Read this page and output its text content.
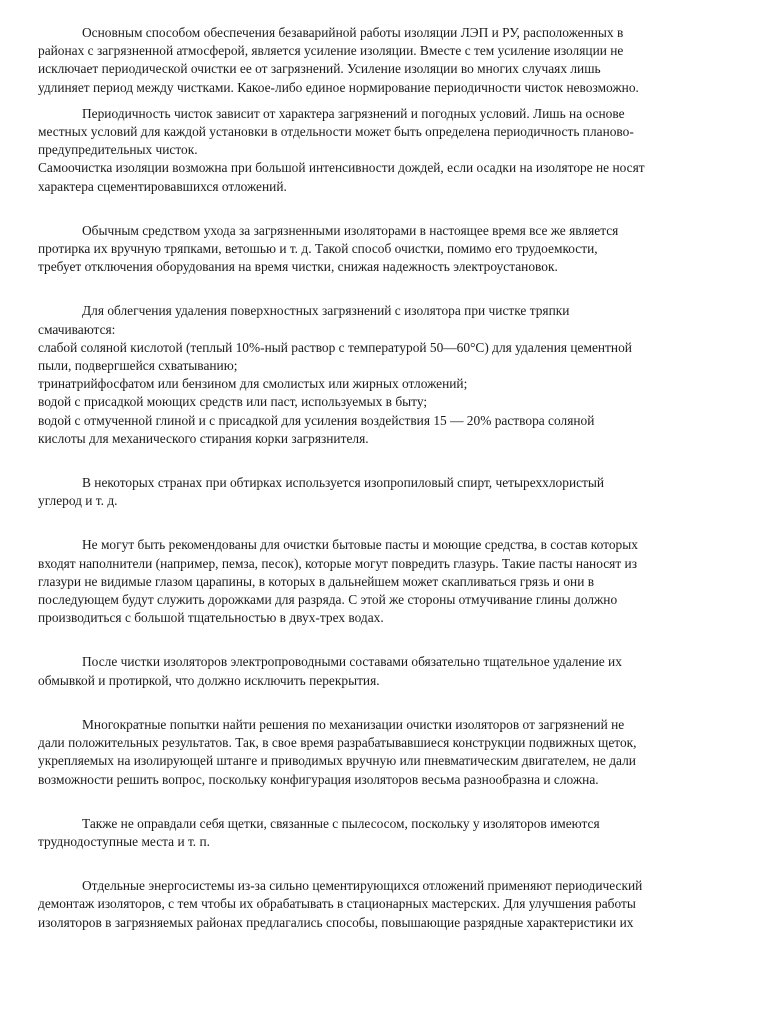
Основным способом обеспечения безаварийной работы изоляции ЛЭП и РУ, расположенных в
районах с загрязненной атмосферой, является усиление изоляции. Вместе с тем усиление изоляции не
исключает периодической очистки ее от загрязнений. Усиление изоляции во многих случаях лишь
удлиняет период между чистками. Какое-либо единое нормирование периодичности чисток невозможно.

Периодичность чисток зависит от характера загрязнений и погодных условий. Лишь на основе
местных условий для каждой установки в отдельности может быть определена периодичность планово-
предупредительных чисток.

Самоочистка изоляции возможна при большой интенсивности дождей, если осадки на изоляторе не носят
характера сцементировавшихся отложений.

Обычным средством ухода за загрязненными изоляторами в настоящее время все же является
протирка их вручную тряпками, ветошью и т. д. Такой способ очистки, помимо его трудоемкости,
требует отключения оборудования на время чистки, снижая надежность электроустановок.

Для облегчения удаления поверхностных загрязнений с изолятора при чистке тряпки
смачиваются:

слабой соляной кислотой (теплый 10%-ный раствор с температурой 50—60°С) для удаления цементной
пыли, подвергшейся схватыванию;

тринатрийфосфатом или бензином для смолистых или жирных отложений;

водой с присадкой моющих средств или паст, используемых в быту;

водой с отмученной глиной и с присадкой для усиления воздействия 15 — 20% раствора соляной
кислоты для механического стирания корки загрязнителя.

В некоторых странах при обтирках используется изопропиловый спирт, четыреххлористый
углерод и т. д.

Не могут быть рекомендованы для очистки бытовые пасты и моющие средства, в состав которых
входят наполнители (например, пемза, песок), которые могут повредить глазурь. Такие пасты наносят из
глазури не видимые глазом царапины, в которых в дальнейшем может скапливаться грязь и они в
последующем будут служить дорожками для разряда. С этой же стороны отмучивание глины должно
производиться с большой тщательностью в двух-трех водах.

После чистки изоляторов электропроводными составами обязательно тщательное удаление их
обмывкой и протиркой, что должно исключить перекрытия.

Многократные попытки найти решения по механизации очистки изоляторов от загрязнений не
дали положительных результатов. Так, в свое время разрабатывавшиеся конструкции подвижных щеток,
укрепляемых на изолирующей штанге и приводимых вручную или пневматическим двигателем, не дали
возможности решить вопрос, поскольку конфигурация изоляторов весьма разнообразна и сложна.

Также не оправдали себя щетки, связанные с пылесосом, поскольку у изоляторов имеются
труднодоступные места и т. п.

Отдельные энергосистемы из-за сильно цементирующихся отложений применяют периодический
демонтаж изоляторов, с тем чтобы их обрабатывать в стационарных мастерских. Для улучшения работы
изоляторов в загрязняемых районах предлагались способы, повышающие разрядные характеристики их
